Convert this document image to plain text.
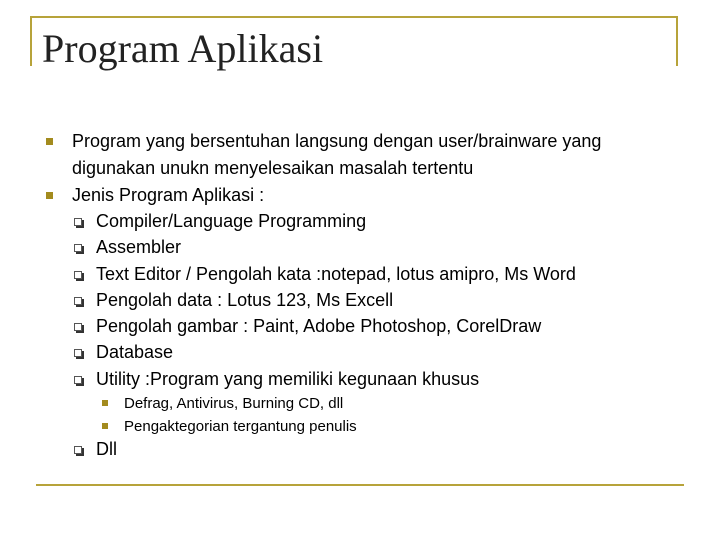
Program Aplikasi
Program yang bersentuhan langsung dengan user/brainware yang digunakan unukn menyelesaikan masalah tertentu
Jenis Program Aplikasi :
Compiler/Language Programming
Assembler
Text Editor / Pengolah kata :notepad, lotus amipro, Ms Word
Pengolah data : Lotus 123, Ms Excell
Pengolah gambar : Paint, Adobe Photoshop, CorelDraw
Database
Utility :Program yang memiliki kegunaan khusus
Defrag, Antivirus, Burning CD, dll
Pengaktegorian tergantung penulis
Dll
